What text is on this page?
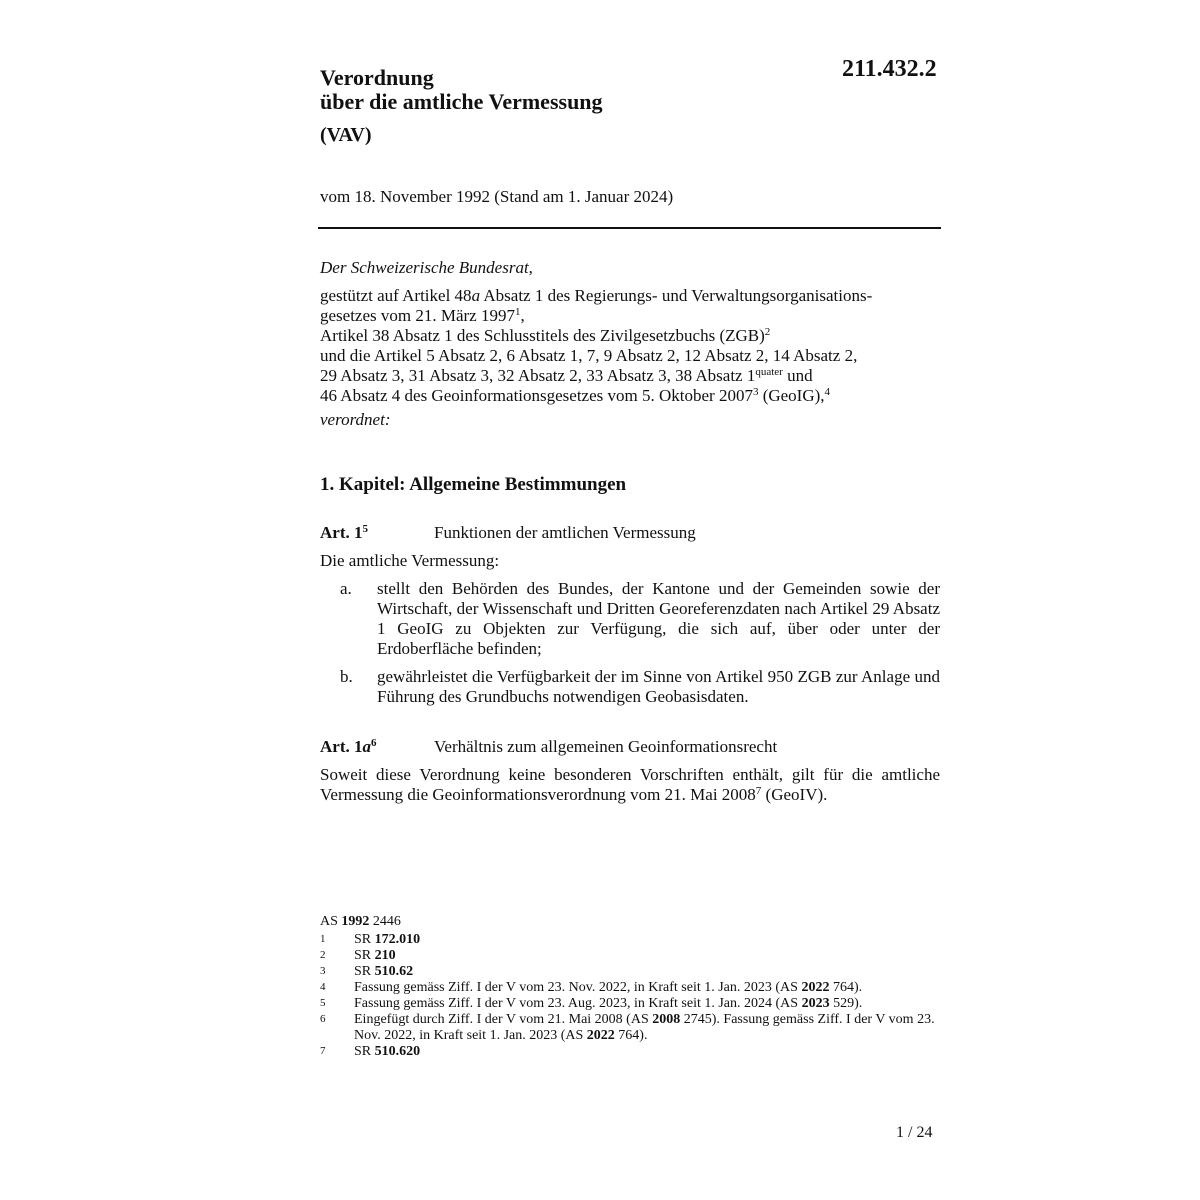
211.432.2
Verordnung
über die amtliche Vermessung
(VAV)
vom 18. November 1992 (Stand am 1. Januar 2024)

Der Schweizerische Bundesrat,

gestützt auf Artikel 48a Absatz 1 des Regierungs- und Verwaltungsorganisations-

gesetzes vom 21. März 1997$^1$,

Artikel 38 Absatz 1 des Schlusstitels des Zivilgesetzbuchs (ZGB)$^2$

und die Artikel 5 Absatz 2, 6 Absatz 1, 7, 9 Absatz 2, 12 Absatz 2, 14 Absatz 2,

29 Absatz 3, 31 Absatz 3, 32 Absatz 2, 33 Absatz 3, 38 Absatz $1^{quater}$ und

46 Absatz 4 des Geoinformationsgesetzes vom 5. Oktober 2007$^3$ (GeoIG),$^4$

verordnet:

1. Kapitel: Allgemeine Bestimmungen
Art. $1^5$	Funktionen der amtlichen Vermessung
Die amtliche Vermessung:
a.	stellt den Behörden des Bundes, der Kantone und der Gemeinden sowie der Wirtschaft, der Wissenschaft und Dritten Georeferenzdaten nach Artikel 29 Absatz 1 GeoIG zu Objekten zur Verfügung, die sich auf, über oder unter der Erdoberfläche befinden;
b.	gewährleistet die Verfügbarkeit der im Sinne von Artikel 950 ZGB zur Anlage und Führung des Grundbuchs notwendigen Geobasisdaten.
Art. $1a^6$	Verhältnis zum allgemeinen Geoinformationsrecht
Soweit diese Verordnung keine besonderen Vorschriften enthält, gilt für die amtliche Vermessung die Geoinformationsverordnung vom 21. Mai 2008$^7$ (GeoIV).
AS 1992 2446
1	SR 172.010
2	SR 210
3	SR 510.62
4	Fassung gemäss Ziff. I der V vom 23. Nov. 2022, in Kraft seit 1. Jan. 2023 (AS 2022 764).
5	Fassung gemäss Ziff. I der V vom 23. Aug. 2023, in Kraft seit 1. Jan. 2024 (AS 2023 529).
6	Eingefügt durch Ziff. I der V vom 21. Mai 2008 (AS 2008 2745). Fassung gemäss Ziff. I der V vom 23. Nov. 2022, in Kraft seit 1. Jan. 2023 (AS 2022 764).
7	SR 510.620
1 / 24
